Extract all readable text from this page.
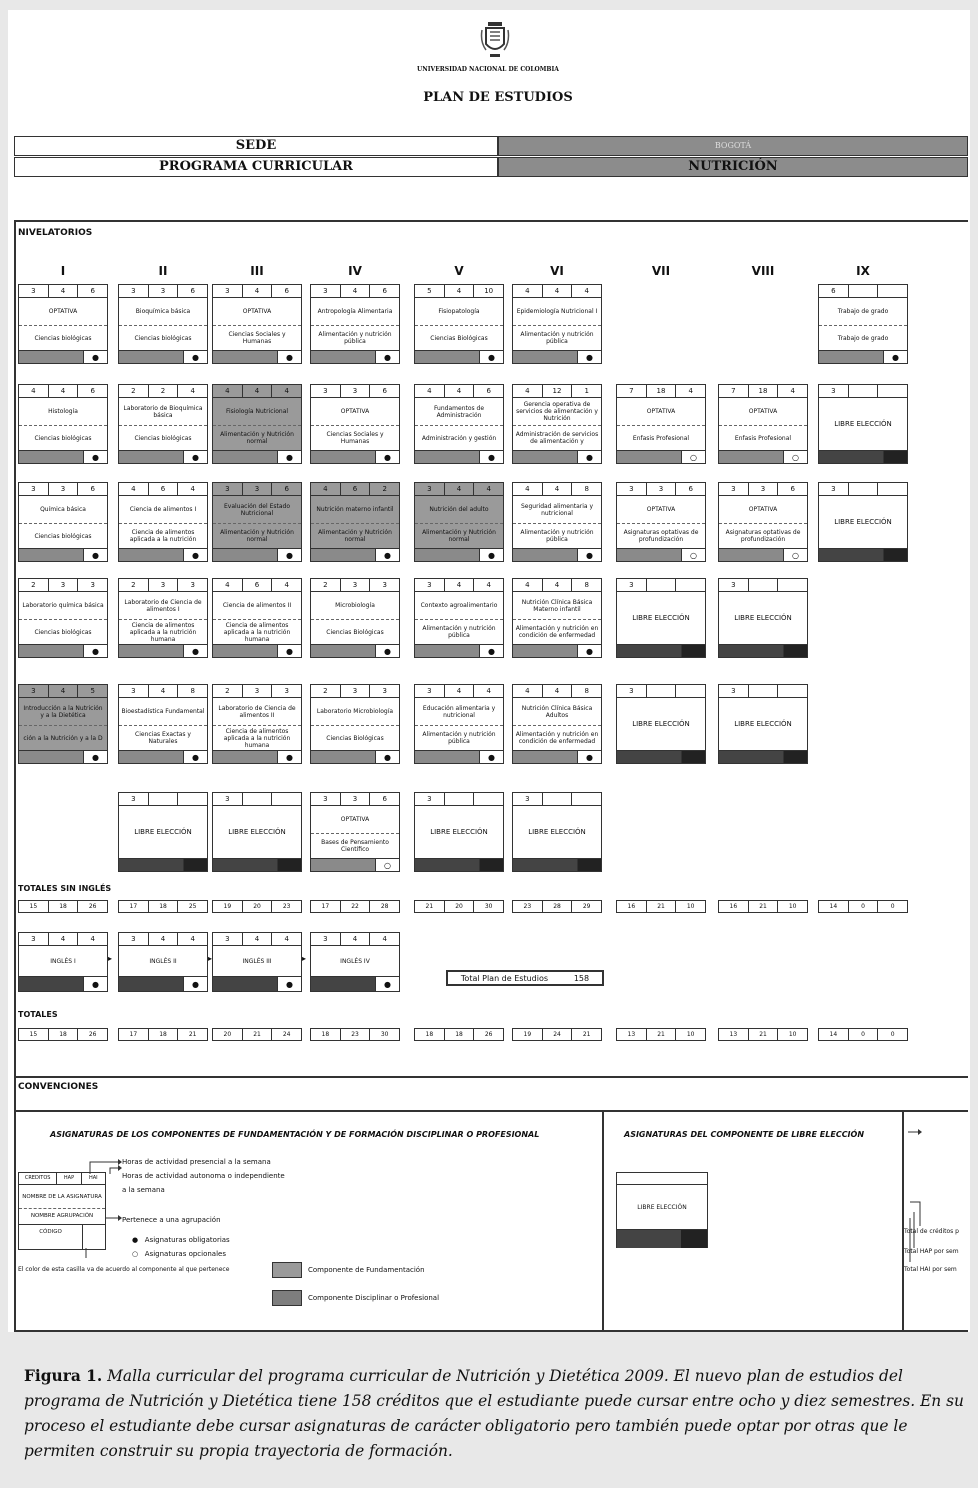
UNIVERSIDAD NACIONAL DE COLOMBIA
PLAN DE ESTUDIOS
SEDE	BOGOTÁ
PROGRAMA CURRICULAR	NUTRICIÓN
NIVELATORIOS
I	II	III	IV	V	VI	VII	VIII	IX
3	4	6
OPTATIVA
Ciencias biológicas
●
3	3	6
Bioquímica básica
Ciencias biológicas
●
3	4	6
OPTATIVA
Ciencias Sociales y Humanas
●
3	4	6
Antropología Alimentaria
Alimentación y nutrición pública
●
5	4	10
Fisiopatología
Ciencias Biológicas
●
4	4	4
Epidemiología Nutricional I
Alimentación y nutrición pública
●
6
Trabajo de grado
Trabajo de grado
●
4	4	6
Histología
Ciencias biológicas
●
2	2	4
Laboratorio de Bioquímica básica
Ciencias biológicas
●
4	4	4
Fisiología Nutricional
Alimentación y Nutrición normal
●
3	3	6
OPTATIVA
Ciencias Sociales y Humanas
●
4	4	6
Fundamentos de Administración
Administración y gestión
●
4	12	1
Gerencia operativa de servicios de alimentación y Nutrición
Administración de servicios de alimentación y
●
7	18	4
OPTATIVA
Enfasis Profesional
○
7	18	4
OPTATIVA
Enfasis Profesional
○
3	3	6
Química básica
Ciencias biológicas
●
4	6	4
Ciencia de alimentos I
Ciencia de alimentos aplicada a la nutrición
●
3	3	6
Evaluación del Estado Nutricional
Alimentación y Nutrición normal
●
4	6	2
Nutrición materno infantil
Alimentación y Nutrición normal
●
3	4	4
Nutrición del adulto
Alimentación y Nutrición normal
●
4	4	8
Seguridad alimentaria y nutricional
Alimentación y nutrición pública
●
3	3	6
OPTATIVA
Asignaturas optativas de profundización
○
3	3	6
OPTATIVA
Asignaturas optativas de profundización
○
2	3	3
Laboratorio química básica
Ciencias biológicas
●
2	3	3
Laboratorio de Ciencia de alimentos I
Ciencia de alimentos aplicada a la nutrición humana
●
4	6	4
Ciencia de alimentos II
Ciencia de alimentos aplicada a la nutrición humana
●
2	3	3
Microbiología
Ciencias Biológicas
●
3	4	4
Contexto agroalimentario
Alimentación y nutrición pública
●
4	4	8
Nutrición Clínica Básica Materno infantil
Alimentación y nutrición en condición de enfermedad
●
3	4	5
Introducción a la Nutrición y a la Dietética
ción a la Nutrición y a la D
●
3	4	8
Bioestadística Fundamental
Ciencias Exactas y Naturales
●
2	3	3
Laboratorio de Ciencia de alimentos II
Ciencia de alimentos aplicada a la nutrición humana
●
2	3	3
Laboratorio Microbiología
Ciencias Biológicas
●
3	4	4
Educación alimentaria y nutricional
Alimentación y nutrición pública
●
4	4	8
Nutrición Clínica Básica Adultos
Alimentación y nutrición en condición de enfermedad
●
3	3	6
OPTATIVA
Bases de Pensamiento Científico
○
3
LIBRE ELECCIÓN
3
LIBRE ELECCIÓN
3
LIBRE ELECCIÓN
3
LIBRE ELECCIÓN
3
LIBRE ELECCIÓN
3
LIBRE ELECCIÓN
3
LIBRE ELECCIÓN
3
LIBRE ELECCIÓN
3
LIBRE ELECCIÓN
3
LIBRE ELECCIÓN
TOTALES SIN INGLÉS
15	18	26	17	18	25	19	20	23	17	22	28	21	20	30	23	28	29	16	21	10	16	21	10	14	0	0
3	4	4
INGLÉS I
●
▸
3	4	4
INGLÉS II
●
▸
3	4	4
INGLÉS III
●
▸
3	4	4
INGLÉS IV
●
Total Plan de Estudios	158
TOTALES
15	18	26	17	18	21	20	21	24	18	23	30	18	18	26	19	24	21	13	21	10	13	21	10	14	0	0
CONVENCIONES
ASIGNATURAS DE LOS COMPONENTES DE FUNDAMENTACIÓN Y DE FORMACIÓN DISCIPLINAR O PROFESIONAL	ASIGNATURAS DEL COMPONENTE DE LIBRE ELECCIÓN
CREDITOS	HAP	HAI
NOMBRE DE LA ASIGNATURA
NOMBRE AGRUPACIÓN
CÓDIGO
Horas de actividad presencial a la semana
Horas de actividad autonoma o independiente
a la semana
Pertenece a una agrupación
● Asignaturas obligatorias
○ Asignaturas opcionales
El color de esta casilla va de acuerdo al componente al que pertenece	Componente de Fundamentación
Componente Disciplinar o Profesional
LIBRE ELECCIÓN
Total de créditos p
Total HAP por sem
Total HAI por sem
Figura 1. Malla curricular del programa curricular de Nutrición y Dietética 2009. El nuevo plan de estudios del programa de Nutrición y Dietética tiene 158 créditos que el estudiante puede cursar entre ocho y diez semestres. En su proceso el estudiante debe cursar asignaturas de carácter obligatorio pero también puede optar por otras que le permiten construir su propia trayectoria de formación.
